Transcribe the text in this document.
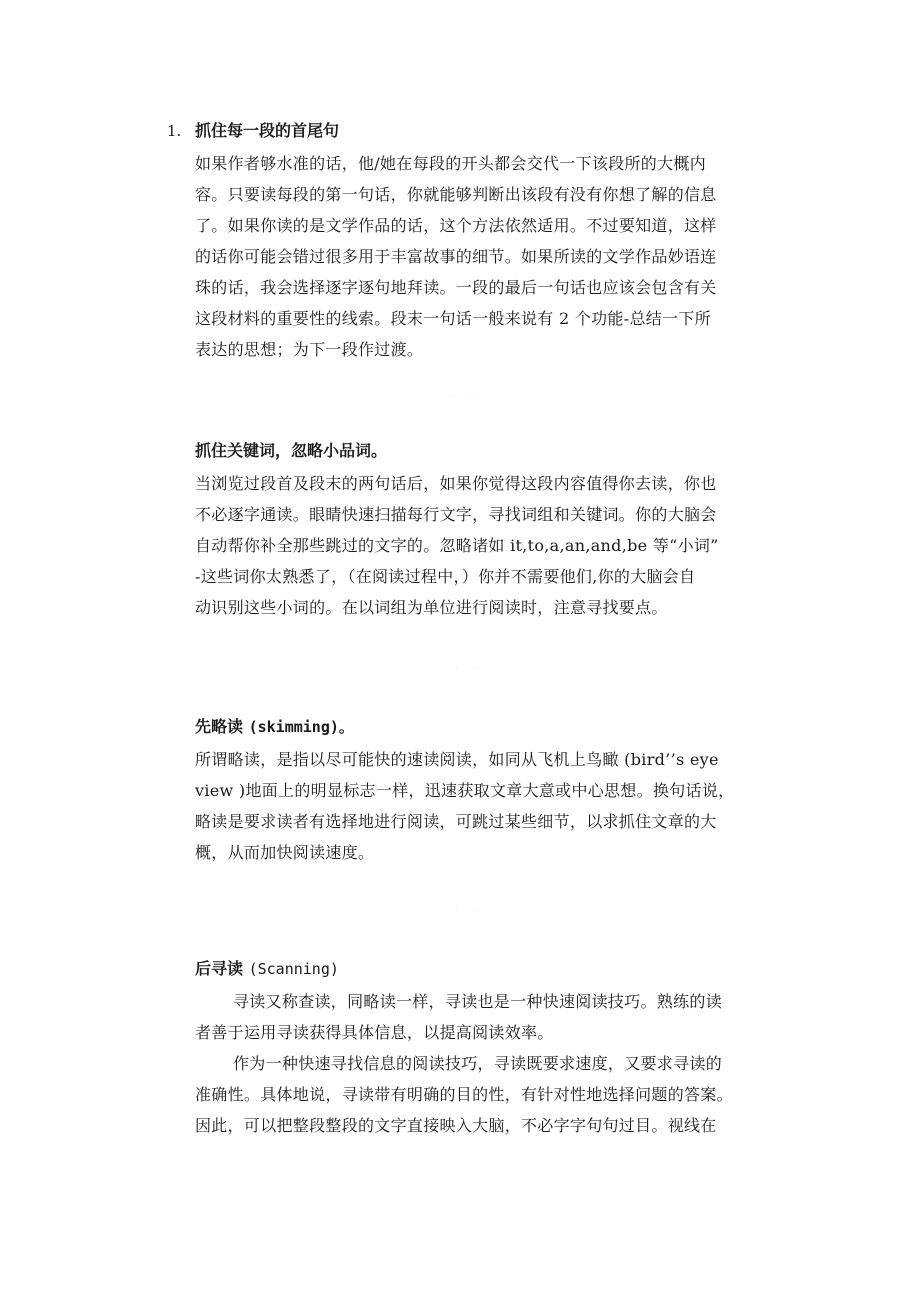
1. 抓住每一段的首尾句
如果作者够水准的话，他/她在每段的开头都会交代一下该段所的大概内
容。只要读每段的第一句话，你就能够判断出该段有没有你想了解的信息
了。如果你读的是文学作品的话，这个方法依然适用。不过要知道，这样
的话你可能会错过很多用于丰富故事的细节。如果所读的文学作品妙语连
珠的话，我会选择逐字逐句地拜读。一段的最后一句话也应该会包含有关
这段材料的重要性的线索。段末一句话一般来说有 2 个功能-总结一下所
表达的思想；为下一段作过渡。
· ·
抓住关键词，忽略小品词。
当浏览过段首及段末的两句话后，如果你觉得这段内容值得你去读，你也
不必逐字通读。眼睛快速扫描每行文字，寻找词组和关键词。你的大脑会
自动帮你补全那些跳过的文字的。忽略诸如 it,to,a,an,and,be 等“小词”
-这些词你太熟悉了，（在阅读过程中，）你并不需要他们,你的大脑会自
动识别这些小词的。在以词组为单位进行阅读时，注意寻找要点。
· ·
先略读 (skimming)。
所谓略读，是指以尽可能快的速读阅读，如同从飞机上鸟瞰 (bird’’s eye
view )地面上的明显标志一样，迅速获取文章大意或中心思想。换句话说，
略读是要求读者有选择地进行阅读，可跳过某些细节，以求抓住文章的大
概，从而加快阅读速度。
· ·
后寻读 (Scanning)
寻读又称查读，同略读一样，寻读也是一种快速阅读技巧。熟练的读
者善于运用寻读获得具体信息，以提高阅读效率。
作为一种快速寻找信息的阅读技巧，寻读既要求速度，又要求寻读的
准确性。具体地说，寻读带有明确的目的性，有针对性地选择问题的答案。
因此，可以把整段整段的文字直接映入大脑，不必字字句句过目。视线在
